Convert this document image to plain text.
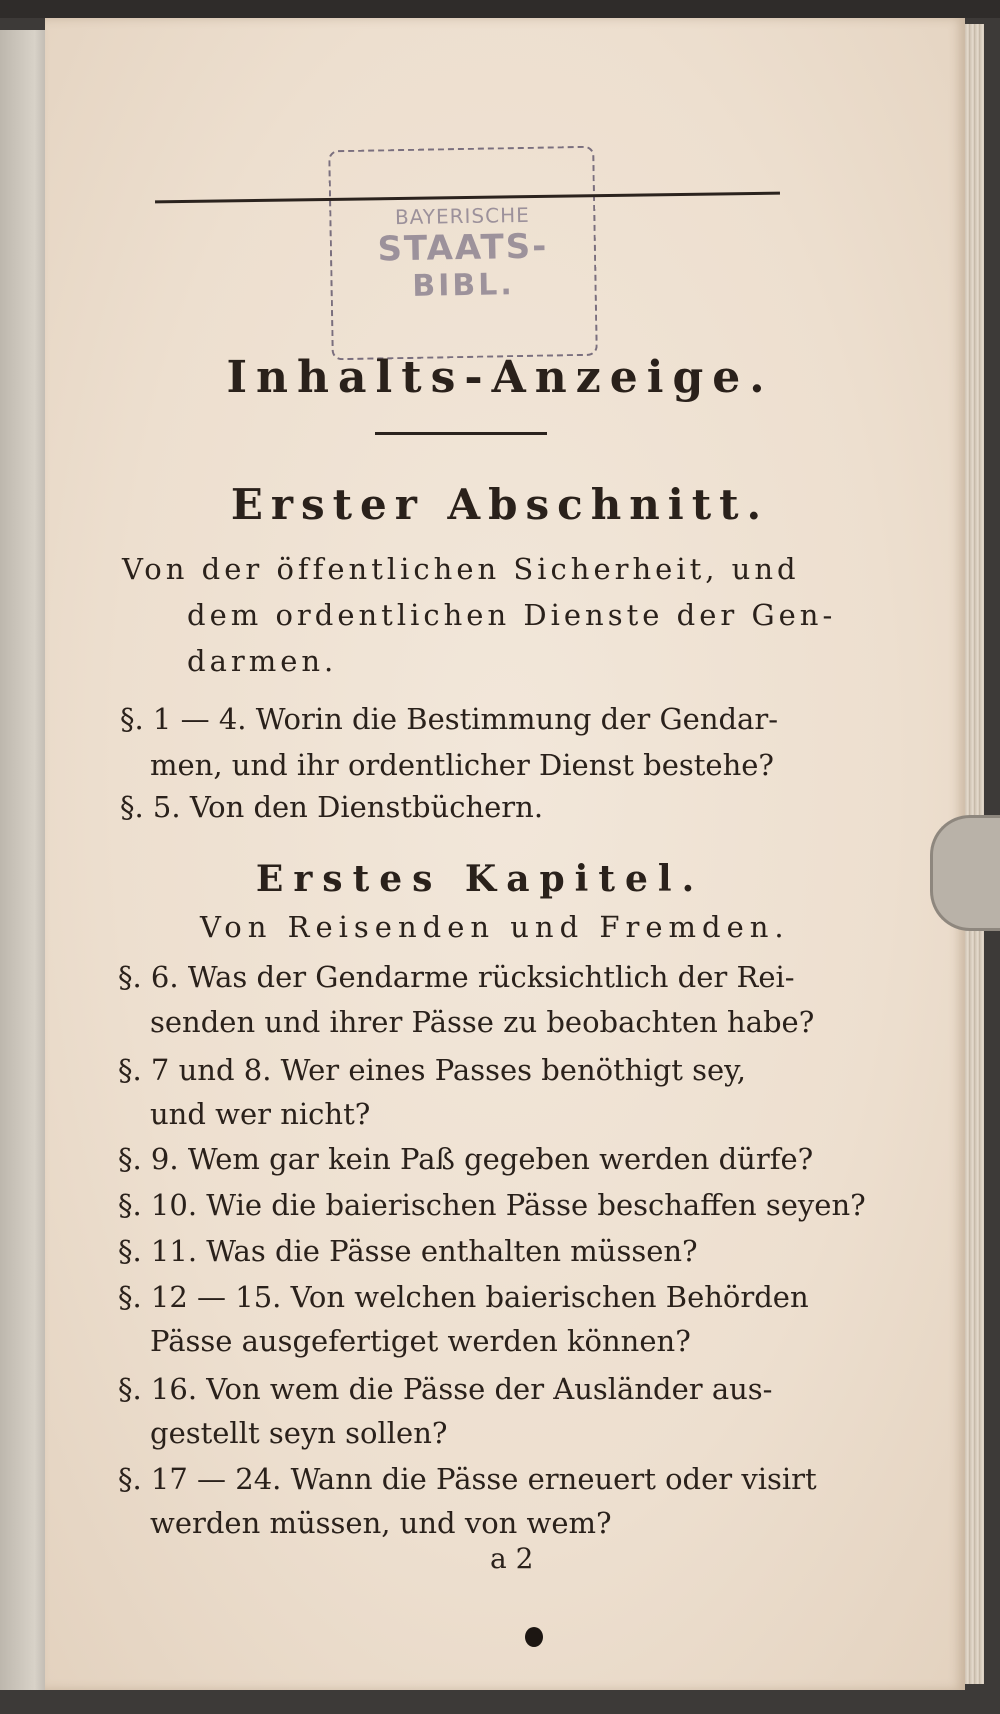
BAYERISCHE
STAATS-
BIBL.
Inhalts-Anzeige.
Erster Abschnitt.
Von der öffentlichen Sicherheit, und
dem ordentlichen Dienste der Gen-
darmen.
§. 1 — 4. Worin die Bestimmung der Gendar-
men, und ihr ordentlicher Dienst bestehe?
§. 5. Von den Dienstbüchern.
Erstes Kapitel.
Von Reisenden und Fremden.
§. 6. Was der Gendarme rücksichtlich der Rei-
senden und ihrer Pässe zu beobachten habe?
§. 7 und 8. Wer eines Passes benöthigt sey,
und wer nicht?
§. 9. Wem gar kein Paß gegeben werden dürfe?
§. 10. Wie die baierischen Pässe beschaffen seyen?
§. 11. Was die Pässe enthalten müssen?
§. 12 — 15. Von welchen baierischen Behörden
Pässe ausgefertiget werden können?
§. 16. Von wem die Pässe der Ausländer aus-
gestellt seyn sollen?
§. 17 — 24. Wann die Pässe erneuert oder visirt
werden müssen, und von wem?
a 2
